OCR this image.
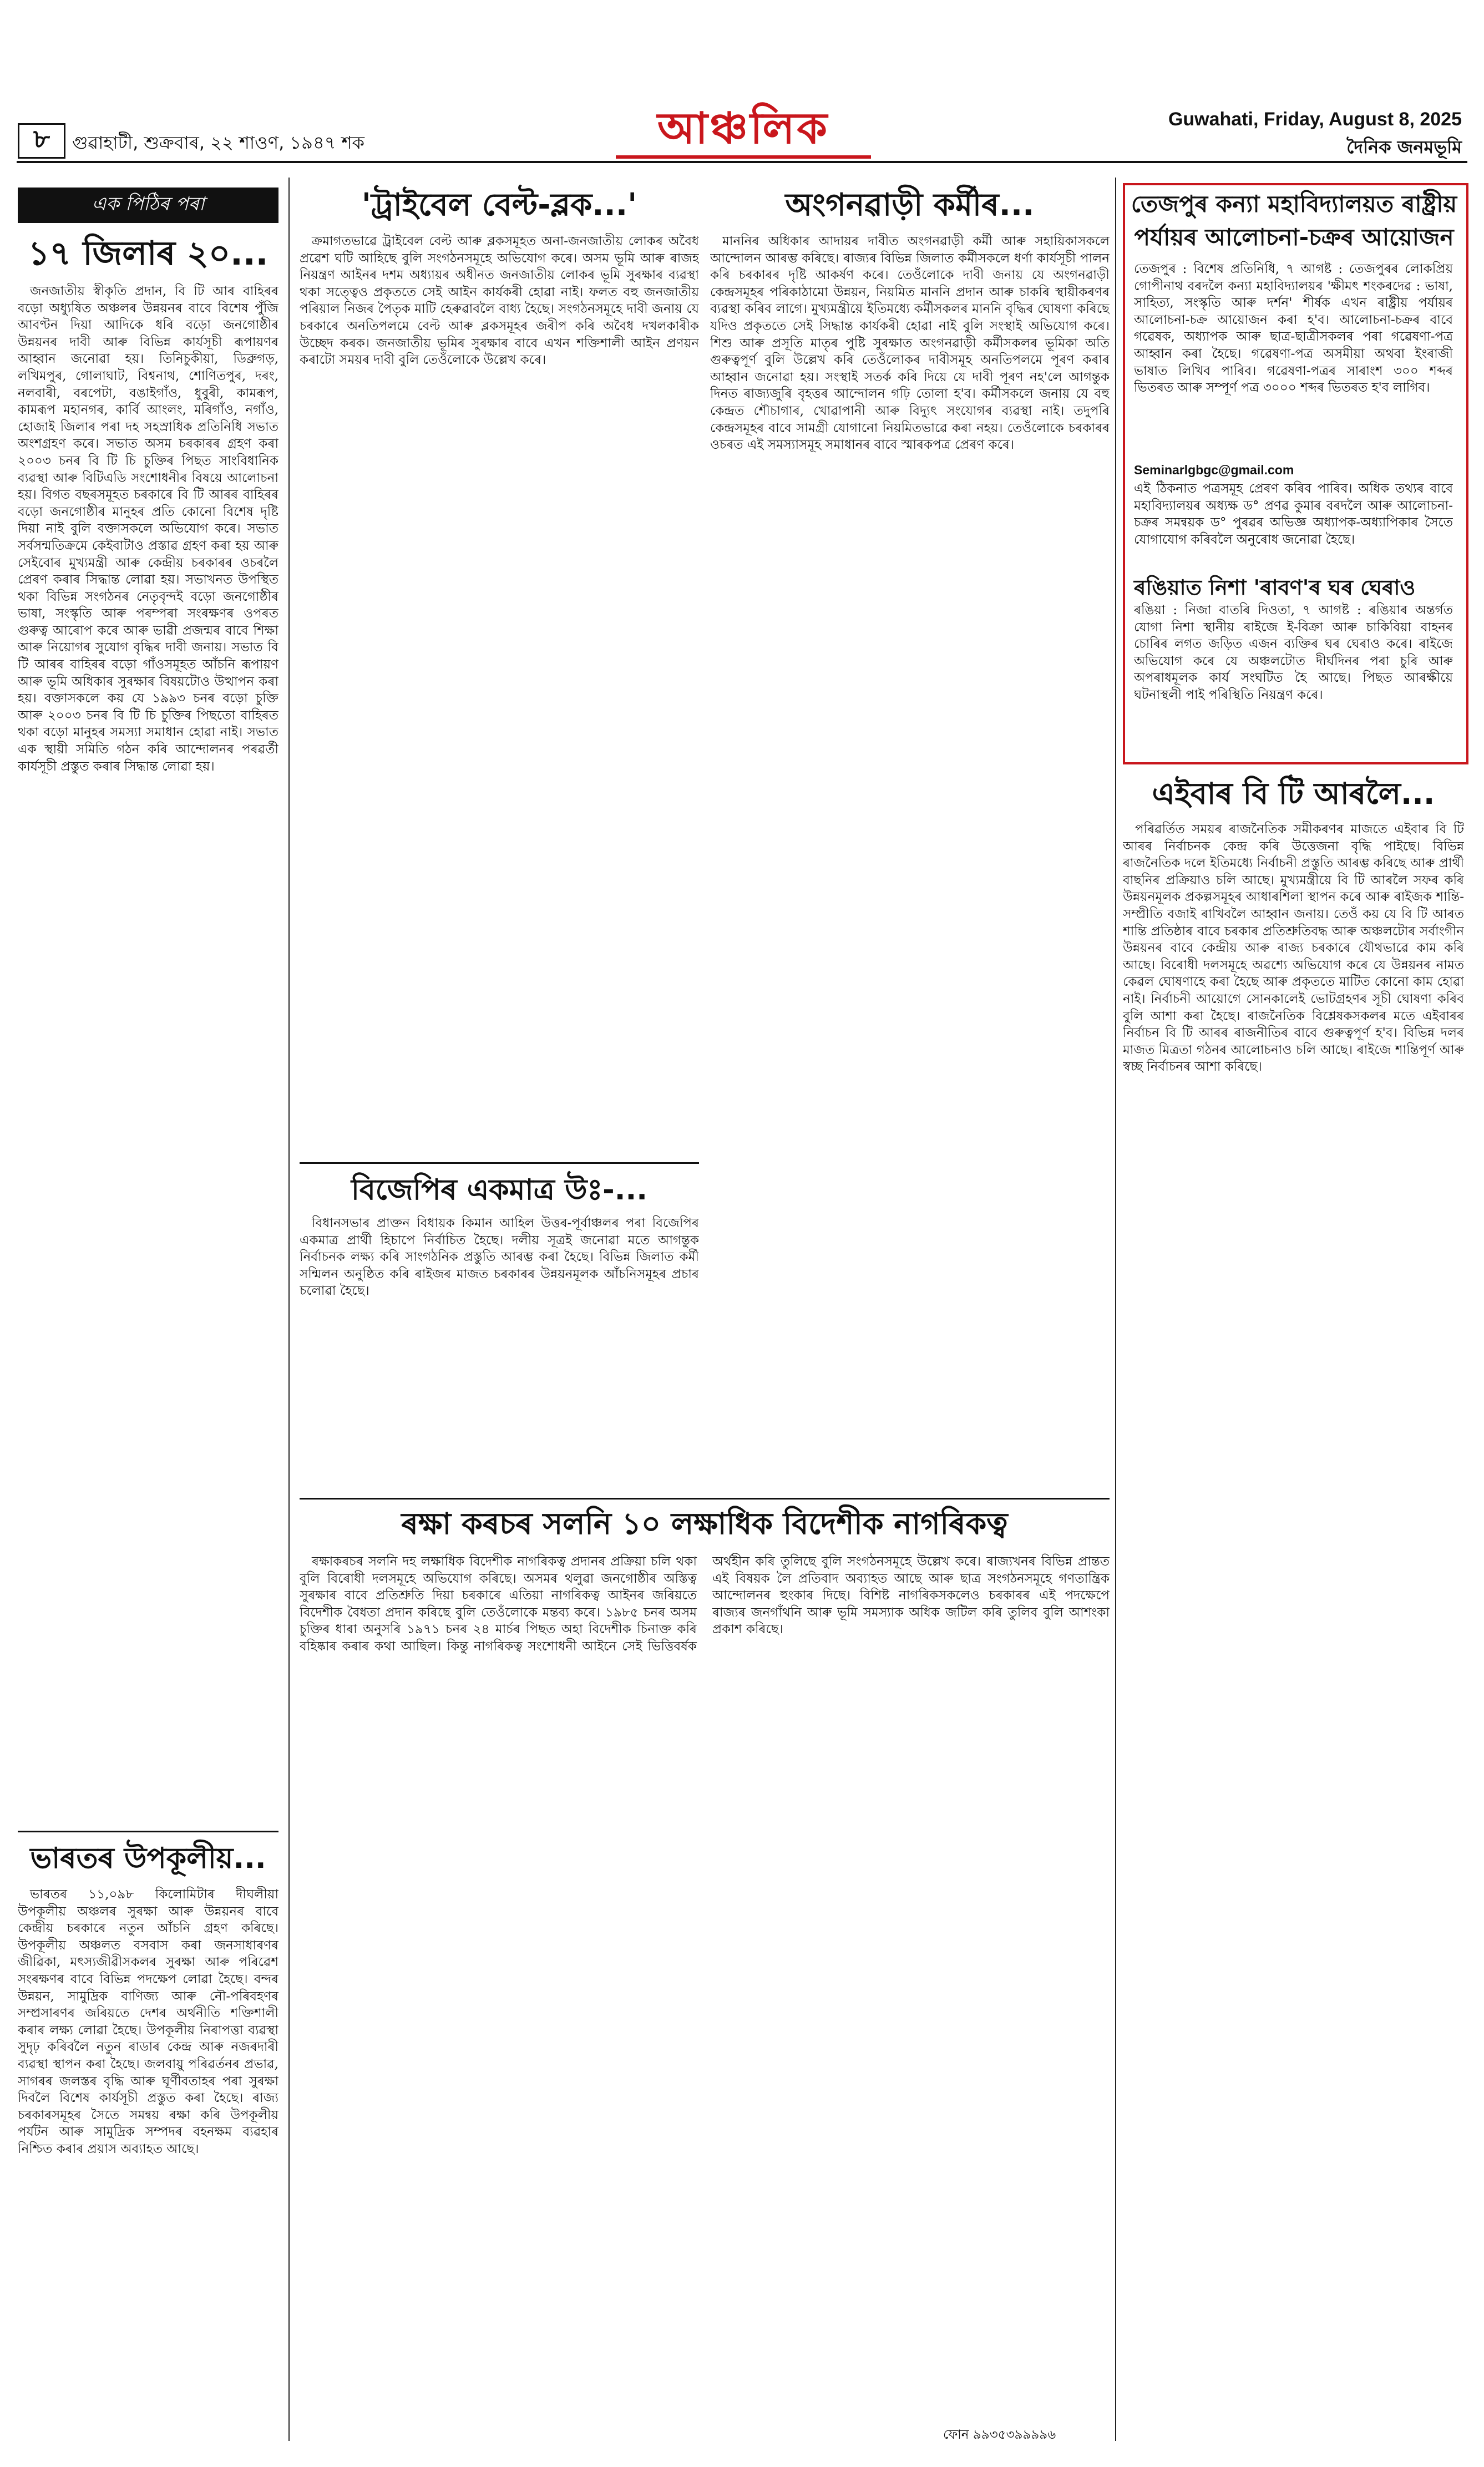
৮	গুৱাহাটী, শুক্ৰবাৰ, ২২ শাওণ, ১৯৪৭ শক	আঞ্চলিক	Guwahati, Friday, August 8, 2025
দৈনিক জনমভূমি
এক পিঠিৰ পৰা
১৭ জিলাৰ ২০...

জনজাতীয় স্বীকৃতি প্ৰদান, বি টি আৰ বাহিৰৰ বড়ো অধ্যুষিত অঞ্চলৰ উন্নয়নৰ বাবে বিশেষ পুঁজি আবণ্টন দিয়া আদিকে ধৰি বড়ো জনগোষ্ঠীৰ উন্নয়নৰ দাবী আৰু বিভিন্ন কাৰ্যসূচী ৰূপায়ণৰ আহ্বান জনোৱা হয়। তিনিচুকীয়া, ডিব্ৰুগড়, লখিমপুৰ, গোলাঘাট, বিশ্বনাথ, শোণিতপুৰ, দৰং, নলবাৰী, বৰপেটা, বঙাইগাঁও, ধুবুৰী, কামৰূপ, কামৰূপ মহানগৰ, কাৰ্বি আংলং, মৰিগাঁও, নগাঁও, হোজাই জিলাৰ পৰা দহ সহস্ৰাধিক প্ৰতিনিধি সভাত অংশগ্ৰহণ কৰে। সভাত অসম চৰকাৰৰ গ্ৰহণ কৰা ২০০৩ চনৰ বি টি চি চুক্তিৰ পিছত সাংবিধানিক ব্যৱস্থা আৰু বিটিএডি সংশোধনীৰ বিষয়ে আলোচনা হয়। বিগত বছৰসমূহত চৰকাৰে বি টি আৰৰ বাহিৰৰ বড়ো জনগোষ্ঠীৰ মানুহৰ প্ৰতি কোনো বিশেষ দৃষ্টি দিয়া নাই বুলি বক্তাসকলে অভিযোগ কৰে। সভাত সৰ্বসন্মতিক্ৰমে কেইবাটাও প্ৰস্তাৱ গ্ৰহণ কৰা হয় আৰু সেইবোৰ মুখ্যমন্ত্ৰী আৰু কেন্দ্ৰীয় চৰকাৰৰ ওচৰলৈ প্ৰেৰণ কৰাৰ সিদ্ধান্ত লোৱা হয়। সভাখনত উপস্থিত থকা বিভিন্ন সংগঠনৰ নেতৃবৃন্দই বড়ো জনগোষ্ঠীৰ ভাষা, সংস্কৃতি আৰু পৰম্পৰা সংৰক্ষণৰ ওপৰত গুৰুত্ব আৰোপ কৰে আৰু ভাৱী প্ৰজন্মৰ বাবে শিক্ষা আৰু নিয়োগৰ সুযোগ বৃদ্ধিৰ দাবী জনায়। সভাত বি টি আৰৰ বাহিৰৰ বড়ো গাঁওসমূহত আঁচনি ৰূপায়ণ আৰু ভূমি অধিকাৰ সুৰক্ষাৰ বিষয়টোও উত্থাপন কৰা হয়। বক্তাসকলে কয় যে ১৯৯৩ চনৰ বড়ো চুক্তি আৰু ২০০৩ চনৰ বি টি চি চুক্তিৰ পিছতো বাহিৰত থকা বড়ো মানুহৰ সমস্যা সমাধান হোৱা নাই। সভাত এক স্থায়ী সমিতি গঠন কৰি আন্দোলনৰ পৰৱৰ্তী কাৰ্যসূচী প্ৰস্তুত কৰাৰ সিদ্ধান্ত লোৱা হয়।

ভাৰতৰ উপকূলীয়...

ভাৰতৰ ১১,০৯৮ কিলোমিটাৰ দীঘলীয়া উপকূলীয় অঞ্চলৰ সুৰক্ষা আৰু উন্নয়নৰ বাবে কেন্দ্ৰীয় চৰকাৰে নতুন আঁচনি গ্ৰহণ কৰিছে। উপকূলীয় অঞ্চলত বসবাস কৰা জনসাধাৰণৰ জীৱিকা, মৎস্যজীৱীসকলৰ সুৰক্ষা আৰু পৰিৱেশ সংৰক্ষণৰ বাবে বিভিন্ন পদক্ষেপ লোৱা হৈছে। বন্দৰ উন্নয়ন, সামুদ্ৰিক বাণিজ্য আৰু নৌ-পৰিবহণৰ সম্প্ৰসাৰণৰ জৰিয়তে দেশৰ অৰ্থনীতি শক্তিশালী কৰাৰ লক্ষ্য লোৱা হৈছে। উপকূলীয় নিৰাপত্তা ব্যৱস্থা সুদৃঢ় কৰিবলৈ নতুন ৰাডাৰ কেন্দ্ৰ আৰু নজৰদাৰী ব্যৱস্থা স্থাপন কৰা হৈছে। জলবায়ু পৰিৱৰ্তনৰ প্ৰভাৱ, সাগৰৰ জলস্তৰ বৃদ্ধি আৰু ঘূৰ্ণীবতাহৰ পৰা সুৰক্ষা দিবলৈ বিশেষ কাৰ্যসূচী প্ৰস্তুত কৰা হৈছে। ৰাজ্য চৰকাৰসমূহৰ সৈতে সমন্বয় ৰক্ষা কৰি উপকূলীয় পৰ্যটন আৰু সামুদ্ৰিক সম্পদৰ বহনক্ষম ব্যৱহাৰ নিশ্চিত কৰাৰ প্ৰয়াস অব্যাহত আছে।

'ট্ৰাইবেল বেল্ট-ব্লক...'

ক্ৰমাগতভাৱে ট্ৰাইবেল বেল্ট আৰু ব্লকসমূহত অনা-জনজাতীয় লোকৰ অবৈধ প্ৰৱেশ ঘটি আহিছে বুলি সংগঠনসমূহে অভিযোগ কৰে। অসম ভূমি আৰু ৰাজহ নিয়ন্ত্ৰণ আইনৰ দশম অধ্যায়ৰ অধীনত জনজাতীয় লোকৰ ভূমি সুৰক্ষাৰ ব্যৱস্থা থকা সত্ত্বেও প্ৰকৃততে সেই আইন কাৰ্যকৰী হোৱা নাই। ফলত বহু জনজাতীয় পৰিয়াল নিজৰ পৈতৃক মাটি হেৰুৱাবলৈ বাধ্য হৈছে। সংগঠনসমূহে দাবী জনায় যে চৰকাৰে অনতিপলমে বেল্ট আৰু ব্লকসমূহৰ জৰীপ কৰি অবৈধ দখলকাৰীক উচ্ছেদ কৰক। জনজাতীয় ভূমিৰ সুৰক্ষাৰ বাবে এখন শক্তিশালী আইন প্ৰণয়ন কৰাটো সময়ৰ দাবী বুলি তেওঁলোকে উল্লেখ কৰে।

বিজেপিৰ একমাত্ৰ উঃ-...

বিধানসভাৰ প্ৰাক্তন বিধায়ক কিমান আহিল উত্তৰ-পূৰ্বাঞ্চলৰ পৰা বিজেপিৰ একমাত্ৰ প্ৰাৰ্থী হিচাপে নিৰ্বাচিত হৈছে। দলীয় সূত্ৰই জনোৱা মতে আগন্তুক নিৰ্বাচনক লক্ষ্য কৰি সাংগঠনিক প্ৰস্তুতি আৰম্ভ কৰা হৈছে। বিভিন্ন জিলাত কৰ্মী সন্মিলন অনুষ্ঠিত কৰি ৰাইজৰ মাজত চৰকাৰৰ উন্নয়নমূলক আঁচনিসমূহৰ প্ৰচাৰ চলোৱা হৈছে।

অংগনৱাড়ী কৰ্মীৰ...

মাননিৰ অধিকাৰ আদায়ৰ দাবীত অংগনৱাড়ী কৰ্মী আৰু সহায়িকাসকলে আন্দোলন আৰম্ভ কৰিছে। ৰাজ্যৰ বিভিন্ন জিলাত কৰ্মীসকলে ধৰ্ণা কাৰ্যসূচী পালন কৰি চৰকাৰৰ দৃষ্টি আকৰ্ষণ কৰে। তেওঁলোকে দাবী জনায় যে অংগনৱাড়ী কেন্দ্ৰসমূহৰ পৰিকাঠামো উন্নয়ন, নিয়মিত মাননি প্ৰদান আৰু চাকৰি স্থায়ীকৰণৰ ব্যৱস্থা কৰিব লাগে। মুখ্যমন্ত্ৰীয়ে ইতিমধ্যে কৰ্মীসকলৰ মাননি বৃদ্ধিৰ ঘোষণা কৰিছে যদিও প্ৰকৃততে সেই সিদ্ধান্ত কাৰ্যকৰী হোৱা নাই বুলি সংস্থাই অভিযোগ কৰে। শিশু আৰু প্ৰসূতি মাতৃৰ পুষ্টি সুৰক্ষাত অংগনৱাড়ী কৰ্মীসকলৰ ভূমিকা অতি গুৰুত্বপূৰ্ণ বুলি উল্লেখ কৰি তেওঁলোকৰ দাবীসমূহ অনতিপলমে পূৰণ কৰাৰ আহ্বান জনোৱা হয়। সংস্থাই সতৰ্ক কৰি দিয়ে যে দাবী পূৰণ নহ'লে আগন্তুক দিনত ৰাজ্যজুৰি বৃহত্তৰ আন্দোলন গঢ়ি তোলা হ'ব। কৰ্মীসকলে জনায় যে বহু কেন্দ্ৰত শৌচাগাৰ, খোৱাপানী আৰু বিদ্যুৎ সংযোগৰ ব্যৱস্থা নাই। তদুপৰি কেন্দ্ৰসমূহৰ বাবে সামগ্ৰী যোগানো নিয়মিতভাৱে কৰা নহয়। তেওঁলোকে চৰকাৰৰ ওচৰত এই সমস্যাসমূহ সমাধানৰ বাবে স্মাৰকপত্ৰ প্ৰেৰণ কৰে।

ৰক্ষা কৰচৰ সলনি ১০ লক্ষাধিক বিদেশীক নাগৰিকত্ব

ৰক্ষাকৰচৰ সলনি দহ লক্ষাধিক বিদেশীক নাগৰিকত্ব প্ৰদানৰ প্ৰক্ৰিয়া চলি থকা বুলি বিৰোধী দলসমূহে অভিযোগ কৰিছে। অসমৰ থলুৱা জনগোষ্ঠীৰ অস্তিত্ব সুৰক্ষাৰ বাবে প্ৰতিশ্ৰুতি দিয়া চৰকাৰে এতিয়া নাগৰিকত্ব আইনৰ জৰিয়তে বিদেশীক বৈধতা প্ৰদান কৰিছে বুলি তেওঁলোকে মন্তব্য কৰে। ১৯৮৫ চনৰ অসম চুক্তিৰ ধাৰা অনুসৰি ১৯৭১ চনৰ ২৪ মাৰ্চৰ পিছত অহা বিদেশীক চিনাক্ত কৰি বহিষ্কাৰ কৰাৰ কথা আছিল। কিন্তু নাগৰিকত্ব সংশোধনী আইনে সেই ভিত্তিবৰ্ষক অৰ্থহীন কৰি তুলিছে বুলি সংগঠনসমূহে উল্লেখ কৰে। ৰাজ্যখনৰ বিভিন্ন প্ৰান্তত এই বিষয়ক লৈ প্ৰতিবাদ অব্যাহত আছে আৰু ছাত্ৰ সংগঠনসমূহে গণতান্ত্ৰিক আন্দোলনৰ হুংকাৰ দিছে। বিশিষ্ট নাগৰিকসকলেও চৰকাৰৰ এই পদক্ষেপে ৰাজ্যৰ জনগাঁথনি আৰু ভূমি সমস্যাক অধিক জটিল কৰি তুলিব বুলি আশংকা প্ৰকাশ কৰিছে।

ফোন ৯৯৩৫৩৯৯৯৯৬
তেজপুৰ কন্যা মহাবিদ্যালয়ত ৰাষ্ট্ৰীয় পৰ্যায়ৰ আলোচনা-চক্ৰৰ আয়োজন
তেজপুৰ : বিশেষ প্ৰতিনিধি, ৭ আগষ্ট : তেজপুৰৰ লোকপ্ৰিয় গোপীনাথ বৰদলৈ কন্যা মহাবিদ্যালয়ৰ 'ক্ষীমৎ শংকৰদেৱ : ভাষা, সাহিত্য, সংস্কৃতি আৰু দৰ্শন' শীৰ্ষক এখন ৰাষ্ট্ৰীয় পৰ্যায়ৰ আলোচনা-চক্ৰ আয়োজন কৰা হ'ব। আলোচনা-চক্ৰৰ বাবে গৱেষক, অধ্যাপক আৰু ছাত্ৰ-ছাত্ৰীসকলৰ পৰা গৱেষণা-পত্ৰ আহ্বান কৰা হৈছে। গৱেষণা-পত্ৰ অসমীয়া অথবা ইংৰাজী ভাষাত লিখিব পাৰিব। গৱেষণা-পত্ৰৰ সাৰাংশ ৩০০ শব্দৰ ভিতৰত আৰু সম্পূৰ্ণ পত্ৰ ৩০০০ শব্দৰ ভিতৰত হ'ব লাগিব।
Seminarlgbgc@gmail.com
এই ঠিকনাত পত্ৰসমূহ প্ৰেৰণ কৰিব পাৰিব। অধিক তথ্যৰ বাবে মহাবিদ্যালয়ৰ অধ্যক্ষ ড° প্ৰণৱ কুমাৰ বৰদলৈ আৰু আলোচনা-চক্ৰৰ সমন্বয়ক ড° পুৰৱৰ অভিজ্ঞ অধ্যাপক-অধ্যাপিকাৰ সৈতে যোগাযোগ কৰিবলৈ অনুৰোধ জনোৱা হৈছে।
ৰঙিয়াত নিশা 'ৰাবণ'ৰ ঘৰ ঘেৰাও
ৰঙিয়া : নিজা বাতৰি দিওতা, ৭ আগষ্ট : ৰঙিয়াৰ অন্তৰ্গত যোগা নিশা স্থানীয় ৰাইজে ই-বিক্ৰা আৰু চাকিবিয়া বাহনৰ চোৰিৰ লগত জড়িত এজন ব্যক্তিৰ ঘৰ ঘেৰাও কৰে। ৰাইজে অভিযোগ কৰে যে অঞ্চলটোত দীৰ্ঘদিনৰ পৰা চুৰি আৰু অপৰাধমূলক কাৰ্য সংঘটিত হৈ আছে। পিছত আৰক্ষীয়ে ঘটনাস্থলী পাই পৰিস্থিতি নিয়ন্ত্ৰণ কৰে।
এইবাৰ বি টি আৰলৈ...

পৰিৱৰ্তিত সময়ৰ ৰাজনৈতিক সমীকৰণৰ মাজতে এইবাৰ বি টি আৰৰ নিৰ্বাচনক কেন্দ্ৰ কৰি উত্তেজনা বৃদ্ধি পাইছে। বিভিন্ন ৰাজনৈতিক দলে ইতিমধ্যে নিৰ্বাচনী প্ৰস্তুতি আৰম্ভ কৰিছে আৰু প্ৰাৰ্থী বাছনিৰ প্ৰক্ৰিয়াও চলি আছে। মুখ্যমন্ত্ৰীয়ে বি টি আৰলৈ সফৰ কৰি উন্নয়নমূলক প্ৰকল্পসমূহৰ আধাৰশিলা স্থাপন কৰে আৰু ৰাইজক শান্তি-সম্প্ৰীতি বজাই ৰাখিবলৈ আহ্বান জনায়। তেওঁ কয় যে বি টি আৰত শান্তি প্ৰতিষ্ঠাৰ বাবে চৰকাৰ প্ৰতিশ্ৰুতিবদ্ধ আৰু অঞ্চলটোৰ সৰ্বাংগীন উন্নয়নৰ বাবে কেন্দ্ৰীয় আৰু ৰাজ্য চৰকাৰে যৌথভাৱে কাম কৰি আছে। বিৰোধী দলসমূহে অৱশ্যে অভিযোগ কৰে যে উন্নয়নৰ নামত কেৱল ঘোষণাহে কৰা হৈছে আৰু প্ৰকৃততে মাটিত কোনো কাম হোৱা নাই। নিৰ্বাচনী আয়োগে সোনকালেই ভোটগ্ৰহণৰ সূচী ঘোষণা কৰিব বুলি আশা কৰা হৈছে। ৰাজনৈতিক বিশ্লেষকসকলৰ মতে এইবাৰৰ নিৰ্বাচন বি টি আৰৰ ৰাজনীতিৰ বাবে গুৰুত্বপূৰ্ণ হ'ব। বিভিন্ন দলৰ মাজত মিত্ৰতা গঠনৰ আলোচনাও চলি আছে। ৰাইজে শান্তিপূৰ্ণ আৰু স্বচ্ছ নিৰ্বাচনৰ আশা কৰিছে।
